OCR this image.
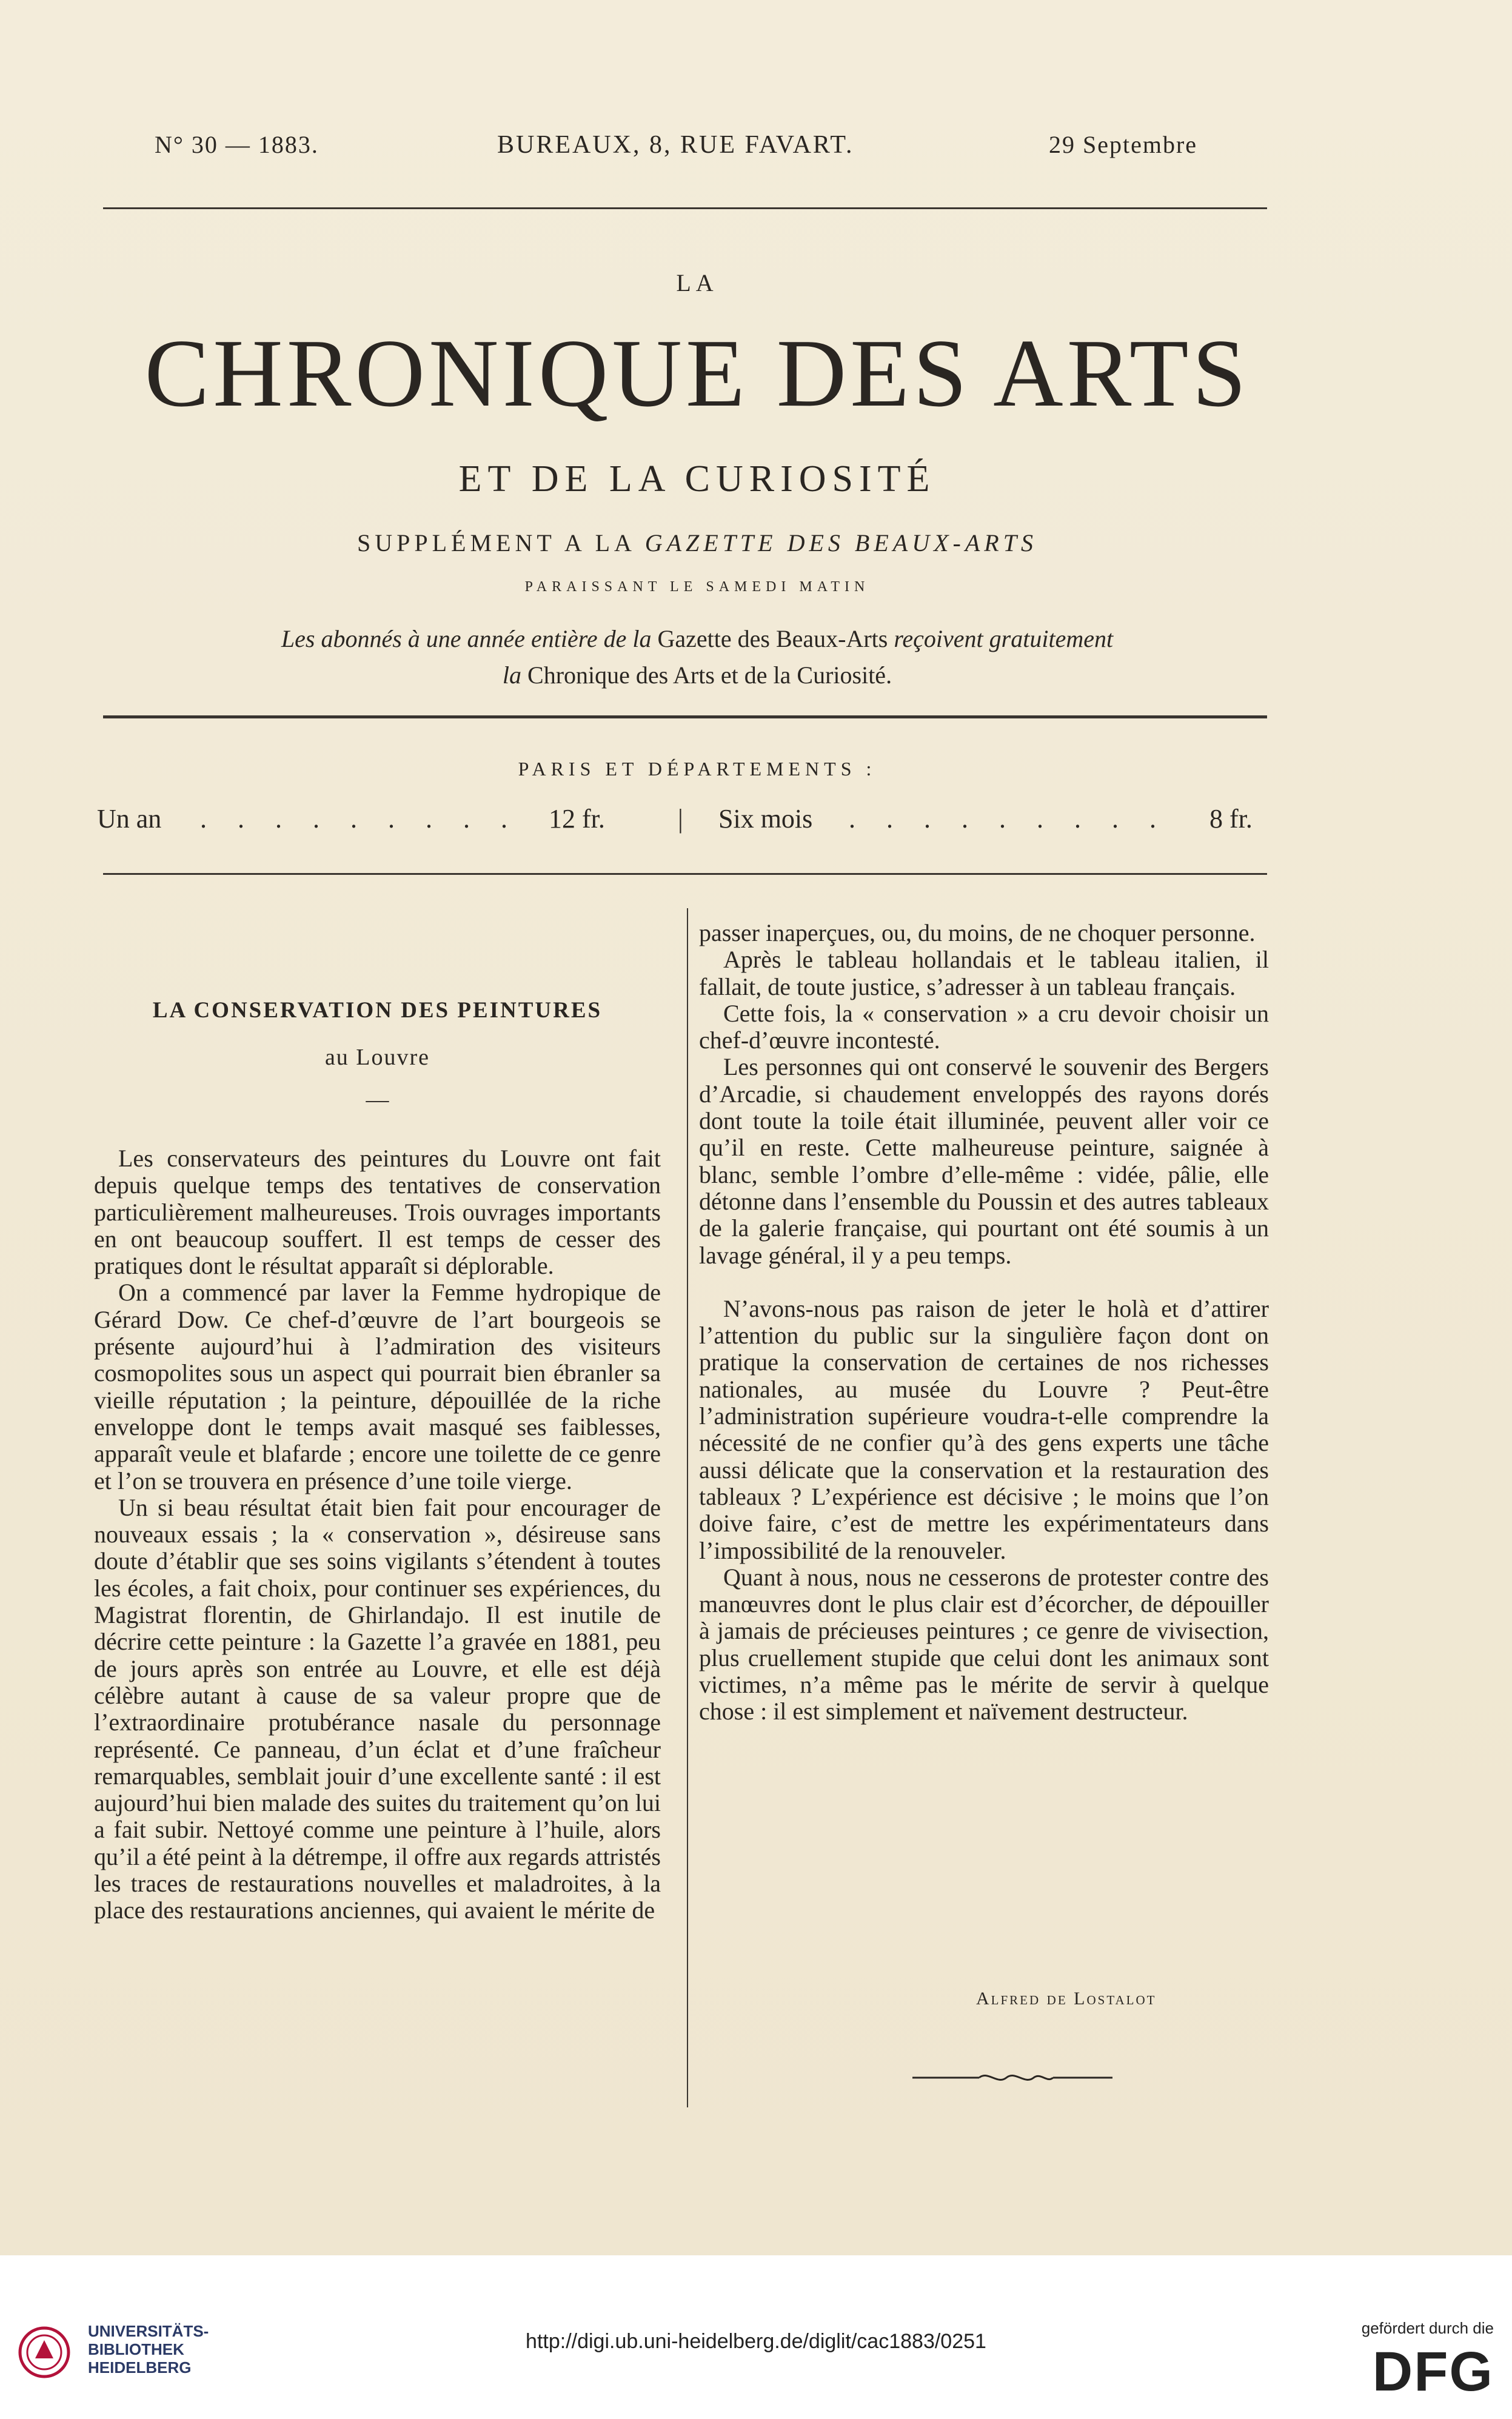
N° 30 — 1883.	BUREAUX, 8, RUE FAVART.	29 Septembre
LA
CHRONIQUE DES ARTS
ET DE LA CURIOSITÉ
SUPPLÉMENT A LA GAZETTE DES BEAUX-ARTS
PARAISSANT LE SAMEDI MATIN
Les abonnés à une année entière de la Gazette des Beaux-Arts reçoivent gratuitement
la Chronique des Arts et de la Curiosité.
PARIS ET DÉPARTEMENTS :
Un an . . . . . . . . . 12 fr.	| Six mois . . . . . . . . . 8 fr.
LA CONSERVATION DES PEINTURES
au Louvre
—

Les conservateurs des peintures du Louvre ont fait depuis quelque temps des tentatives de conservation particulièrement malheureuses. Trois ouvrages importants en ont beaucoup souffert. Il est temps de cesser des pratiques dont le résultat apparaît si déplorable.

On a commencé par laver la Femme hydropique de Gérard Dow. Ce chef-d’œuvre de l’art bourgeois se présente aujourd’hui à l’admiration des visiteurs cosmopolites sous un aspect qui pourrait bien ébranler sa vieille réputation ; la peinture, dépouillée de la riche enveloppe dont le temps avait masqué ses faiblesses, apparaît veule et blafarde ; encore une toilette de ce genre et l’on se trouvera en présence d’une toile vierge.

Un si beau résultat était bien fait pour encourager de nouveaux essais ; la « conservation », désireuse sans doute d’établir que ses soins vigilants s’étendent à toutes les écoles, a fait choix, pour continuer ses expériences, du Magistrat florentin, de Ghirlandajo. Il est inutile de décrire cette peinture : la Gazette l’a gravée en 1881, peu de jours après son entrée au Louvre, et elle est déjà célèbre autant à cause de sa valeur propre que de l’extraordinaire protubérance nasale du personnage représenté. Ce panneau, d’un éclat et d’une fraîcheur remarquables, semblait jouir d’une excellente santé : il est aujourd’hui bien malade des suites du traitement qu’on lui a fait subir. Nettoyé comme une peinture à l’huile, alors qu’il a été peint à la détrempe, il offre aux regards attristés les traces de restaurations nouvelles et maladroites, à la place des restaurations anciennes, qui avaient le mérite de

passer inaperçues, ou, du moins, de ne choquer personne.

Après le tableau hollandais et le tableau italien, il fallait, de toute justice, s’adresser à un tableau français.

Cette fois, la « conservation » a cru devoir choisir un chef-d’œuvre incontesté.

Les personnes qui ont conservé le souvenir des Bergers d’Arcadie, si chaudement enveloppés des rayons dorés dont toute la toile était illuminée, peuvent aller voir ce qu’il en reste. Cette malheureuse peinture, saignée à blanc, semble l’ombre d’elle-même : vidée, pâlie, elle détonne dans l’ensemble du Poussin et des autres tableaux de la galerie française, qui pourtant ont été soumis à un lavage général, il y a peu temps.

N’avons-nous pas raison de jeter le holà et d’attirer l’attention du public sur la singulière façon dont on pratique la conservation de certaines de nos richesses nationales, au musée du Louvre ? Peut-être l’administration supérieure voudra-t-elle comprendre la nécessité de ne confier qu’à des gens experts une tâche aussi délicate que la conservation et la restauration des tableaux ? L’expérience est décisive ; le moins que l’on doive faire, c’est de mettre les expérimentateurs dans l’impossibilité de la renouveler.

Quant à nous, nous ne cesserons de protester contre des manœuvres dont le plus clair est d’écorcher, de dépouiller à jamais de précieuses peintures ; ce genre de vivisection, plus cruellement stupide que celui dont les animaux sont victimes, n’a même pas le mérite de servir à quelque chose : il est simplement et naïvement destructeur.

Alfred de Lostalot
UNIVERSITÄTS-
BIBLIOTHEK
HEIDELBERG
http://digi.ub.uni-heidelberg.de/diglit/cac1883/0251
gefördert durch die
DFG
